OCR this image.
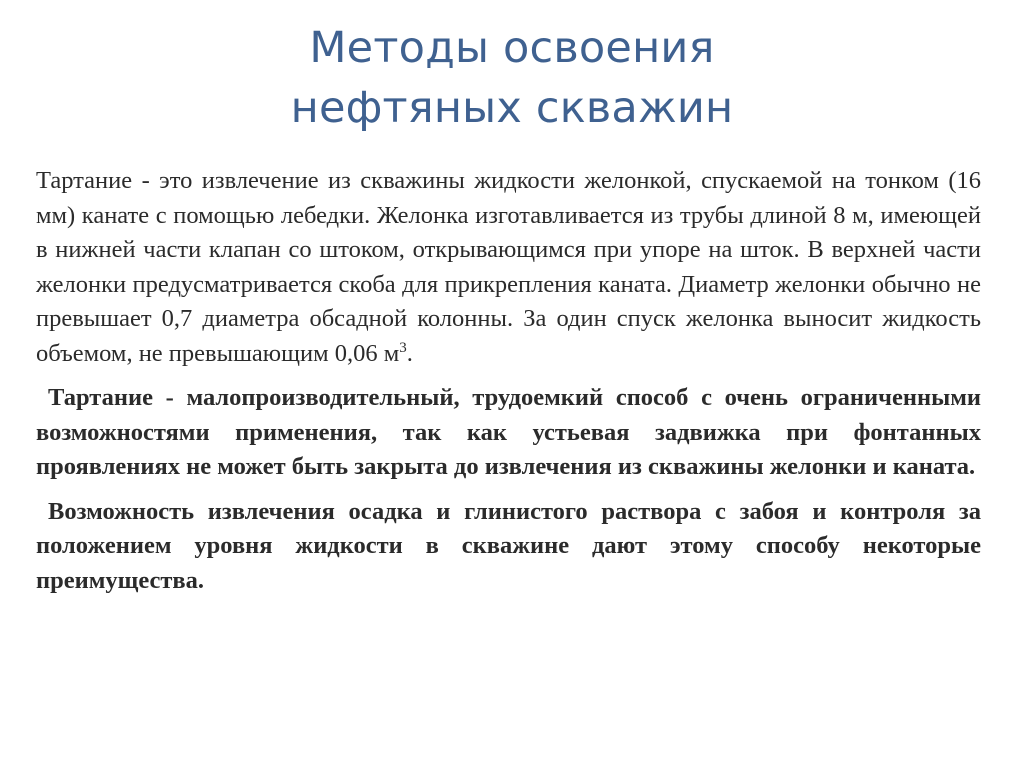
Методы освоения
нефтяных скважин

Тартание - это извлечение из скважины жидкости желонкой, спускаемой на тонком (16 мм) канате с помощью лебедки. Желонка изготавливается из трубы длиной 8 м, имеющей в нижней части клапан со штоком, открывающимся при упоре на шток. В верхней части желонки предусматривается скоба для прикрепления каната. Диаметр желонки обычно не превышает 0,7 диаметра обсадной колонны. За один спуск желонка выносит жидкость объемом, не превышающим 0,06 $м^3$.

Тартание - малопроизводительный, трудоемкий способ с очень ограниченными возможностями применения, так как устьевая задвижка при фонтанных проявлениях не может быть закрыта до извлечения из скважины желонки и каната.

Возможность извлечения осадка и глинистого раствора с забоя и контроля за положением уровня жидкости в скважине дают этому способу некоторые преимущества.
